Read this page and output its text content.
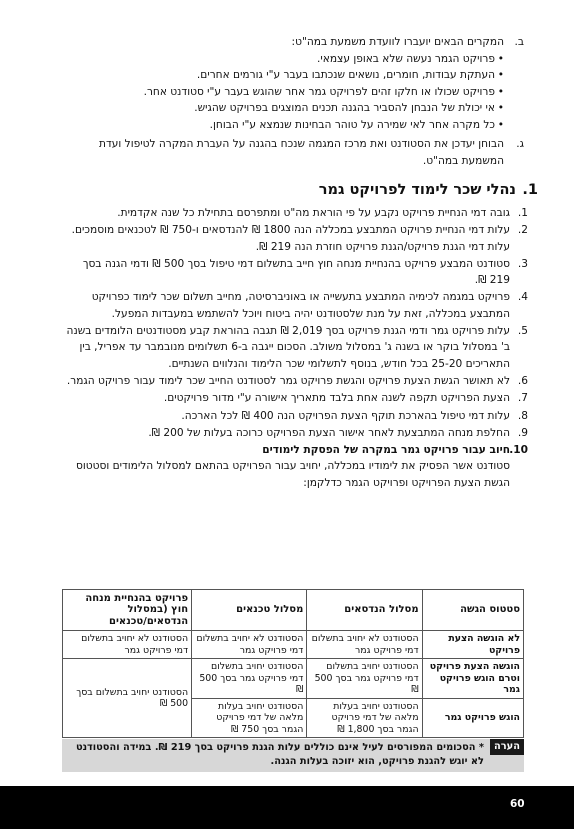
ב.
המקרים הבאים יועברו לוועדת משמעת במה"ט:
• פרויקט הגמר נעשה שלא באופן עצמאי.
• העתקת עבודות, חומרים, נושאים שנכתבו בעבר ע"י גורמים אחרים.
• פרויקט שכולו או חלקו זהים לפרויקט גמר אחר שהוגש בעבר ע"י סטודנט אחר.
• אי יכולת של הנבחן להסביר בהגנה תכנים המוצגים בפרויקט שהגיש.
• כל מקרה אחר לאי שמירה על טוהר הבחינות שנמצא ע"י הבוחן.
ג.
הבוחן יעדכן את הסטודנט ואת מרכז המגמה שנכח בהגנה על העברת המקרה לטיפול ועדת המשמעת במה"ט.
1.
נהלי שכר לימוד לפרויקט גמר
1.
גובה דמי הנחיית פרויקט נקבע על פי הוראת מה"ט ומתפרסם בתחילת כל שנה אקדמית.
2.
עלות דמי הנחיית פרויקט המתבצע במכללה הנה 1800 ₪ להנדסאים ו-750 ₪ לטכנאים מוסמכים. עלות דמי הגנת פרויקט/הגנת פרויקט חוזרת הנה 219 ₪.
3.
סטודנט המבצע פרויקט בהנחיית מנחה חוץ חייב בתשלום דמי טיפול בסך 500 ₪ ודמי הגנה בסך 219 ₪.
4.
פרויקט במגמה לכימיה המתבצע בתעשייה או באוניברסיטה, מחייב תשלום שכר לימוד כפרויקט המתבצע במכללה, זאת על מנת שלסטודנט יהיה ביטוח ויוכל להשתמש במעבדות המפעל.
5.
עלות פרויקט גמר ודמי הגנת פרויקט בסך 2,019 ₪ תגבה בהוראת קבע מסטודנטים הלומדים בשנה ב' במסלול בוקר או בשנה ג' במסלול משולב. הסכום ייגבה ב-6 תשלומים מנובמבר עד אפריל, בין התאריכים 25-20 בכל חודש, בנוסף לתשלומי שכר הלימוד והנלווים השנתיים.
6.
לא תאושר הגשת הצעת פרויקט והגשת פרויקט גמר לסטודנט החייב שכר לימוד עבור פרויקט הגמר.
7.
הצעת הפרויקט תקפה לשנה אחת בלבד מתאריך אישורה ע"י מדור פרויקטים.
8.
עלות דמי טיפול בהארכת תוקף הצעת הפרויקט הנה 400 ₪ לכל הארכה.
9.
החלפת מנחה המתבצעת לאחר אישור הצעת הפרויקט כרוכה בעלות של 200 ₪.
10.
חיוב עבור פרויקט גמר במקרה של הפסקת לימודים
סטודנט אשר הפסיק את לימודיו במכללה, יחויב עבור הפרויקט בהתאם למסלול הלימודים וסטטוס הגשת הצעת הפרויקט ופרויקט הגמר כדלקמן:
סטטוס הגשה	מסלול הנדסאים	מסלול טכנאים	פרויקט בהנחיית מנחה חוץ (במסלול הנדסאים/טכנאים
לא הוגשה הצעת פרויקט	הסטודנט לא יחויב בתשלום דמי פרויקט גמר	הסטודנט לא יחויב בתשלום דמי פרויקט גמר	הסטודנט לא יחויב בתשלום דמי פרויקט גמר
הוגשה הצעת פרויקט וטרם הוגש פרויקט גמר	הסטודנט יחויב בתשלום דמי פרויקט גמר בסך 500 ₪	הסטודנט יחויב בתשלום דמי פרויקט גמר בסך 500 ₪	הסטודנט יחויב בתשלום בסך 500 ₪
הוגש פרויקט גמר	הסטודנט יחויב בעלות מלאה של דמי פרויקט הגמר בסך 1,800 ₪	הסטודנט יחויב בעלות מלאה של דמי פרויקט הגמר בסך 750 ₪	
הערה
* הסכומים המפורסים לעיל אינם כוללים עלות הגנת פרויקט בסך 219 ₪. במידה והסטודנט לא יוגש להגנת פרויקט, הוא יזוכה בעלות הגנה.
60
